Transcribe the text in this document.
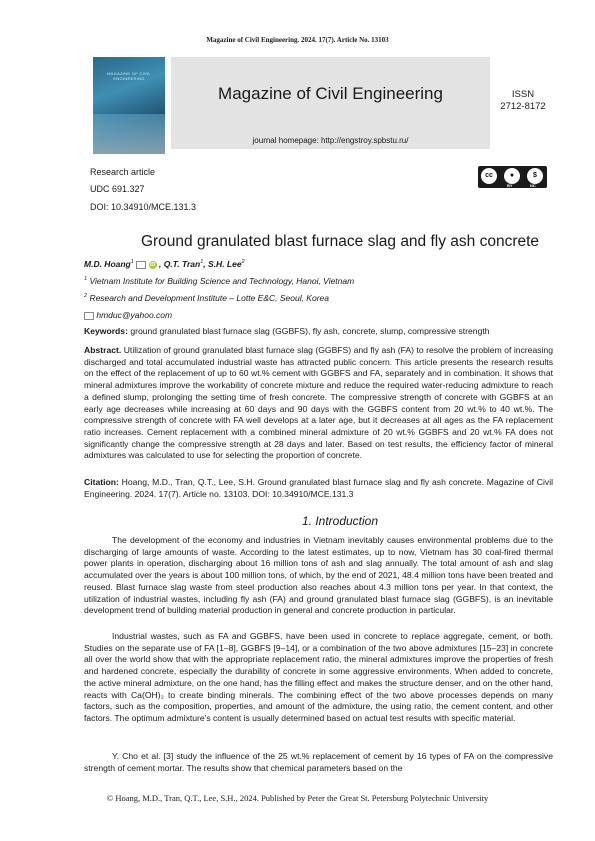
Magazine of Civil Engineering. 2024. 17(7). Article No. 13103
MAGAZINE OF CIVIL ENGINEERING
Magazine of Civil Engineering
journal homepage: http://engstroy.spbstu.ru/
ISSN
2712-8172
Research article
UDC 691.327
DOI: 10.34910/MCE.131.3
cc	●	$
BY	NC
Ground granulated blast furnace slag and fly ash concrete
M.D. Hoang$^1$	iD , Q.T. Tran$^1$, S.H. Lee$^2$
$^1$ Vietnam Institute for Building Science and Technology, Hanoi, Vietnam
$^2$ Research and Development Institute – Lotte E&C, Seoul, Korea
hmduc@yahoo.com
Keywords: ground granulated blast furnace slag (GGBFS), fly ash, concrete, slump, compressive strength
Abstract. Utilization of ground granulated blast furnace slag (GGBFS) and fly ash (FA) to resolve the problem of increasing discharged and total accumulated industrial waste has attracted public concern. This article presents the research results on the effect of the replacement of up to 60 wt.% cement with GGBFS and FA, separately and in combination. It shows that mineral admixtures improve the workability of concrete mixture and reduce the required water-reducing admixture to reach a defined slump, prolonging the setting time of fresh concrete. The compressive strength of concrete with GGBFS at an early age decreases while increasing at 60 days and 90 days with the GGBFS content from 20 wt.% to 40 wt.%. The compressive strength of concrete with FA well develops at a later age, but it decreases at all ages as the FA replacement ratio increases. Cement replacement with a combined mineral admixture of 20 wt.% GGBFS and 20 wt.% FA does not significantly change the compressive strength at 28 days and later. Based on test results, the efficiency factor of mineral admixtures was calculated to use for selecting the proportion of concrete.
Citation: Hoang, M.D., Tran, Q.T., Lee, S.H. Ground granulated blast furnace slag and fly ash concrete. Magazine of Civil Engineering. 2024. 17(7). Article no. 13103. DOI: 10.34910/MCE.131.3
1. Introduction
The development of the economy and industries in Vietnam inevitably causes environmental problems due to the discharging of large amounts of waste. According to the latest estimates, up to now, Vietnam has 30 coal-fired thermal power plants in operation, discharging about 16 million tons of ash and slag annually. The total amount of ash and slag accumulated over the years is about 100 million tons, of which, by the end of 2021, 48.4 million tons have been treated and reused. Blast furnace slag waste from steel production also reaches about 4.3 million tons per year. In that context, the utilization of industrial wastes, including fly ash (FA) and ground granulated blast furnace slag (GGBFS), is an inevitable development trend of building material production in general and concrete production in particular.
Industrial wastes, such as FA and GGBFS, have been used in concrete to replace aggregate, cement, or both. Studies on the separate use of FA [1–8], GGBFS [9–14], or a combination of the two above admixtures [15–23] in concrete all over the world show that with the appropriate replacement ratio, the mineral admixtures improve the properties of fresh and hardened concrete, especially the durability of concrete in some aggressive environments. When added to concrete, the active mineral admixture, on the one hand, has the filling effect and makes the structure denser, and on the other hand, reacts with Ca(OH)₂ to create binding minerals. The combining effect of the two above processes depends on many factors, such as the composition, properties, and amount of the admixture, the using ratio, the cement content, and other factors. The optimum admixture's content is usually determined based on actual test results with specific material.
Y. Cho et al. [3] study the influence of the 25 wt.% replacement of cement by 16 types of FA on the compressive strength of cement mortar. The results show that chemical parameters based on the
© Hoang, M.D., Tran, Q.T., Lee, S.H., 2024. Published by Peter the Great St. Petersburg Polytechnic University
